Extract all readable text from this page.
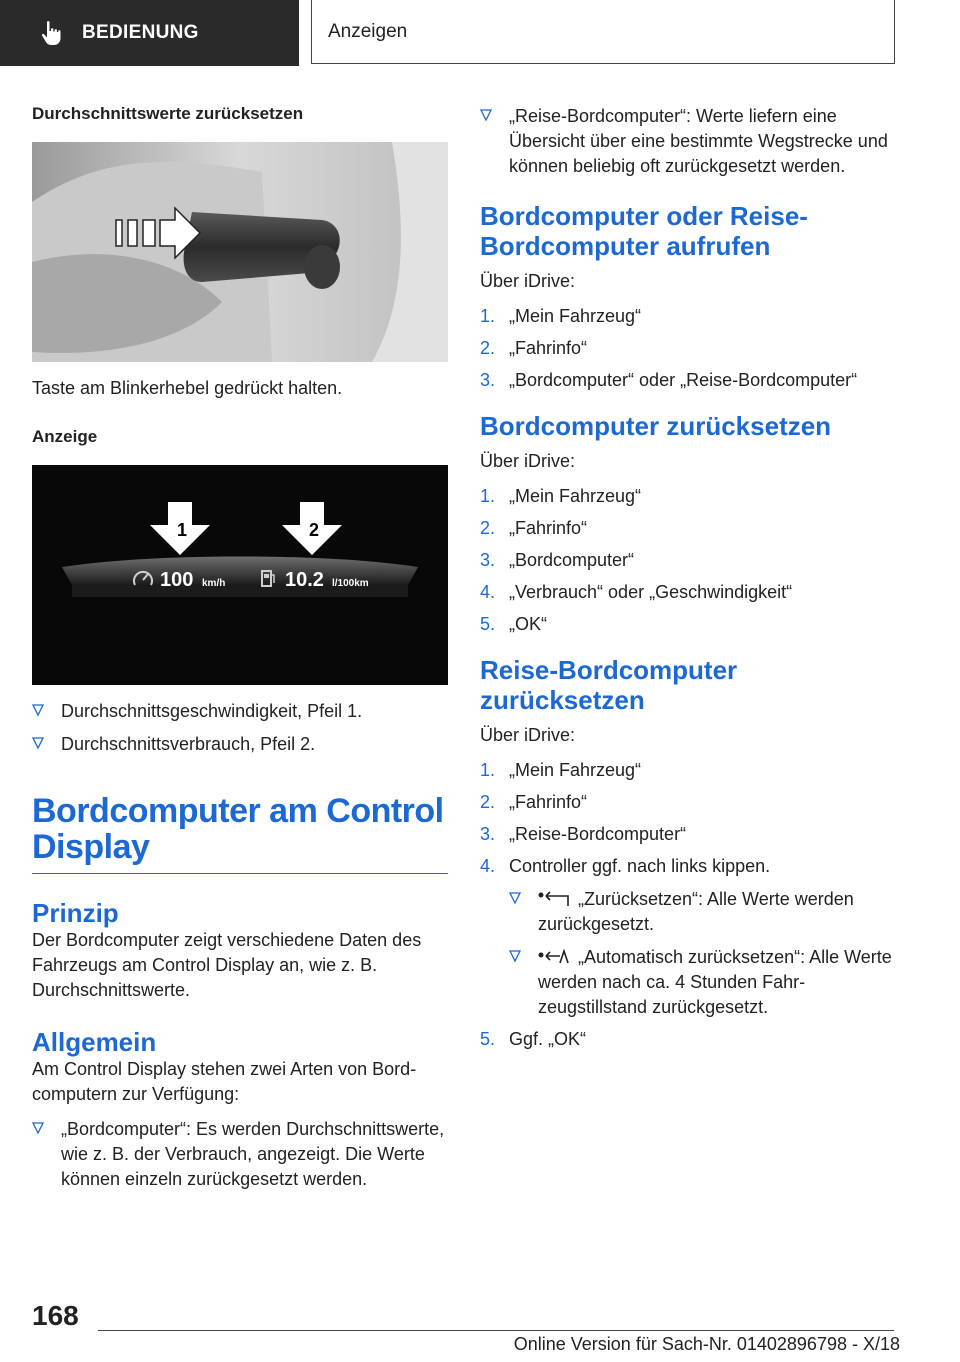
BEDIENUNG	Anzeigen
Durchschnittswerte zurücksetzen

Taste am Blinkerhebel gedrückt halten.

Anzeige
1	2
100 km/h	10.2 l/100km
Durchschnittsgeschwindigkeit, Pfeil 1.
Durchschnittsverbrauch, Pfeil 2.
Bordcomputer am Control Display
Prinzip

Der Bordcomputer zeigt verschiedene Daten des Fahrzeugs am Control Display an, wie z. B. Durchschnittswerte.

Allgemein

Am Control Display stehen zwei Arten von Bordcomputern zur Verfügung:

„Bordcomputer“: Es werden Durchschnittswerte, wie z. B. der Verbrauch, angezeigt. Die Werte können einzeln zurückgesetzt werden.
„Reise-Bordcomputer“: Werte liefern eine Übersicht über eine bestimmte Wegstrecke und können beliebig oft zurückgesetzt werden.
Bordcomputer oder Reise-Bordcomputer aufrufen

Über iDrive:

1. „Mein Fahrzeug“
2. „Fahrinfo“
3. „Bordcomputer“ oder „Reise-Bordcomputer“
Bordcomputer zurücksetzen

Über iDrive:

1. „Mein Fahrzeug“
2. „Fahrinfo“
3. „Bordcomputer“
4. „Verbrauch“ oder „Geschwindigkeit“
5. „OK“
Reise-Bordcomputer zurücksetzen

Über iDrive:

1. „Mein Fahrzeug“
2. „Fahrinfo“
3. „Reise-Bordcomputer“
4. Controller ggf. nach links kippen.
„Zurücksetzen“: Alle Werte werden zurückgesetzt.
„Automatisch zurücksetzen“: Alle Werte werden nach ca. 4 Stunden Fahrzeugstillstand zurückgesetzt.
5. Ggf. „OK“
168
Online Version für Sach-Nr. 01402896798 - X/18
